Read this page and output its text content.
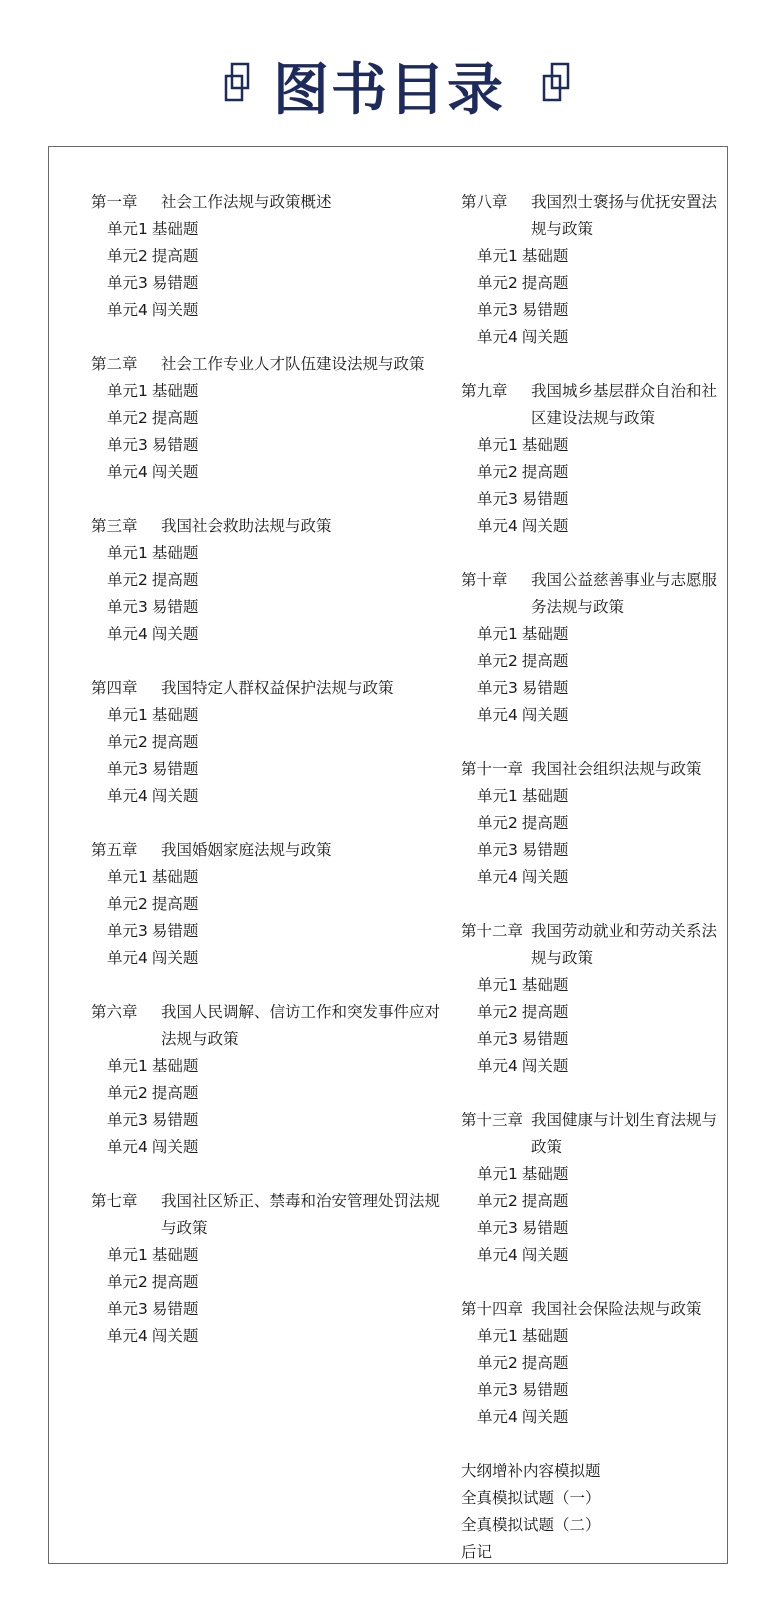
图书目录
第一章	社会工作法规与政策概述
单元1 基础题
单元2 提高题
单元3 易错题
单元4 闯关题
第二章	社会工作专业人才队伍建设法规与政策
单元1 基础题
单元2 提高题
单元3 易错题
单元4 闯关题
第三章	我国社会救助法规与政策
单元1 基础题
单元2 提高题
单元3 易错题
单元4 闯关题
第四章	我国特定人群权益保护法规与政策
单元1 基础题
单元2 提高题
单元3 易错题
单元4 闯关题
第五章	我国婚姻家庭法规与政策
单元1 基础题
单元2 提高题
单元3 易错题
单元4 闯关题
第六章	我国人民调解、信访工作和突发事件应对法规与政策
单元1 基础题
单元2 提高题
单元3 易错题
单元4 闯关题
第七章	我国社区矫正、禁毒和治安管理处罚法规与政策
单元1 基础题
单元2 提高题
单元3 易错题
单元4 闯关题
第八章	我国烈士褒扬与优抚安置法规与政策
单元1 基础题
单元2 提高题
单元3 易错题
单元4 闯关题
第九章	我国城乡基层群众自治和社区建设法规与政策
单元1 基础题
单元2 提高题
单元3 易错题
单元4 闯关题
第十章	我国公益慈善事业与志愿服务法规与政策
单元1 基础题
单元2 提高题
单元3 易错题
单元4 闯关题
第十一章 我国社会组织法规与政策
单元1 基础题
单元2 提高题
单元3 易错题
单元4 闯关题
第十二章 我国劳动就业和劳动关系法规与政策
单元1 基础题
单元2 提高题
单元3 易错题
单元4 闯关题
第十三章 我国健康与计划生育法规与政策
单元1 基础题
单元2 提高题
单元3 易错题
单元4 闯关题
第十四章 我国社会保险法规与政策
单元1 基础题
单元2 提高题
单元3 易错题
单元4 闯关题
大纲增补内容模拟题
全真模拟试题（一）
全真模拟试题（二）
后记
